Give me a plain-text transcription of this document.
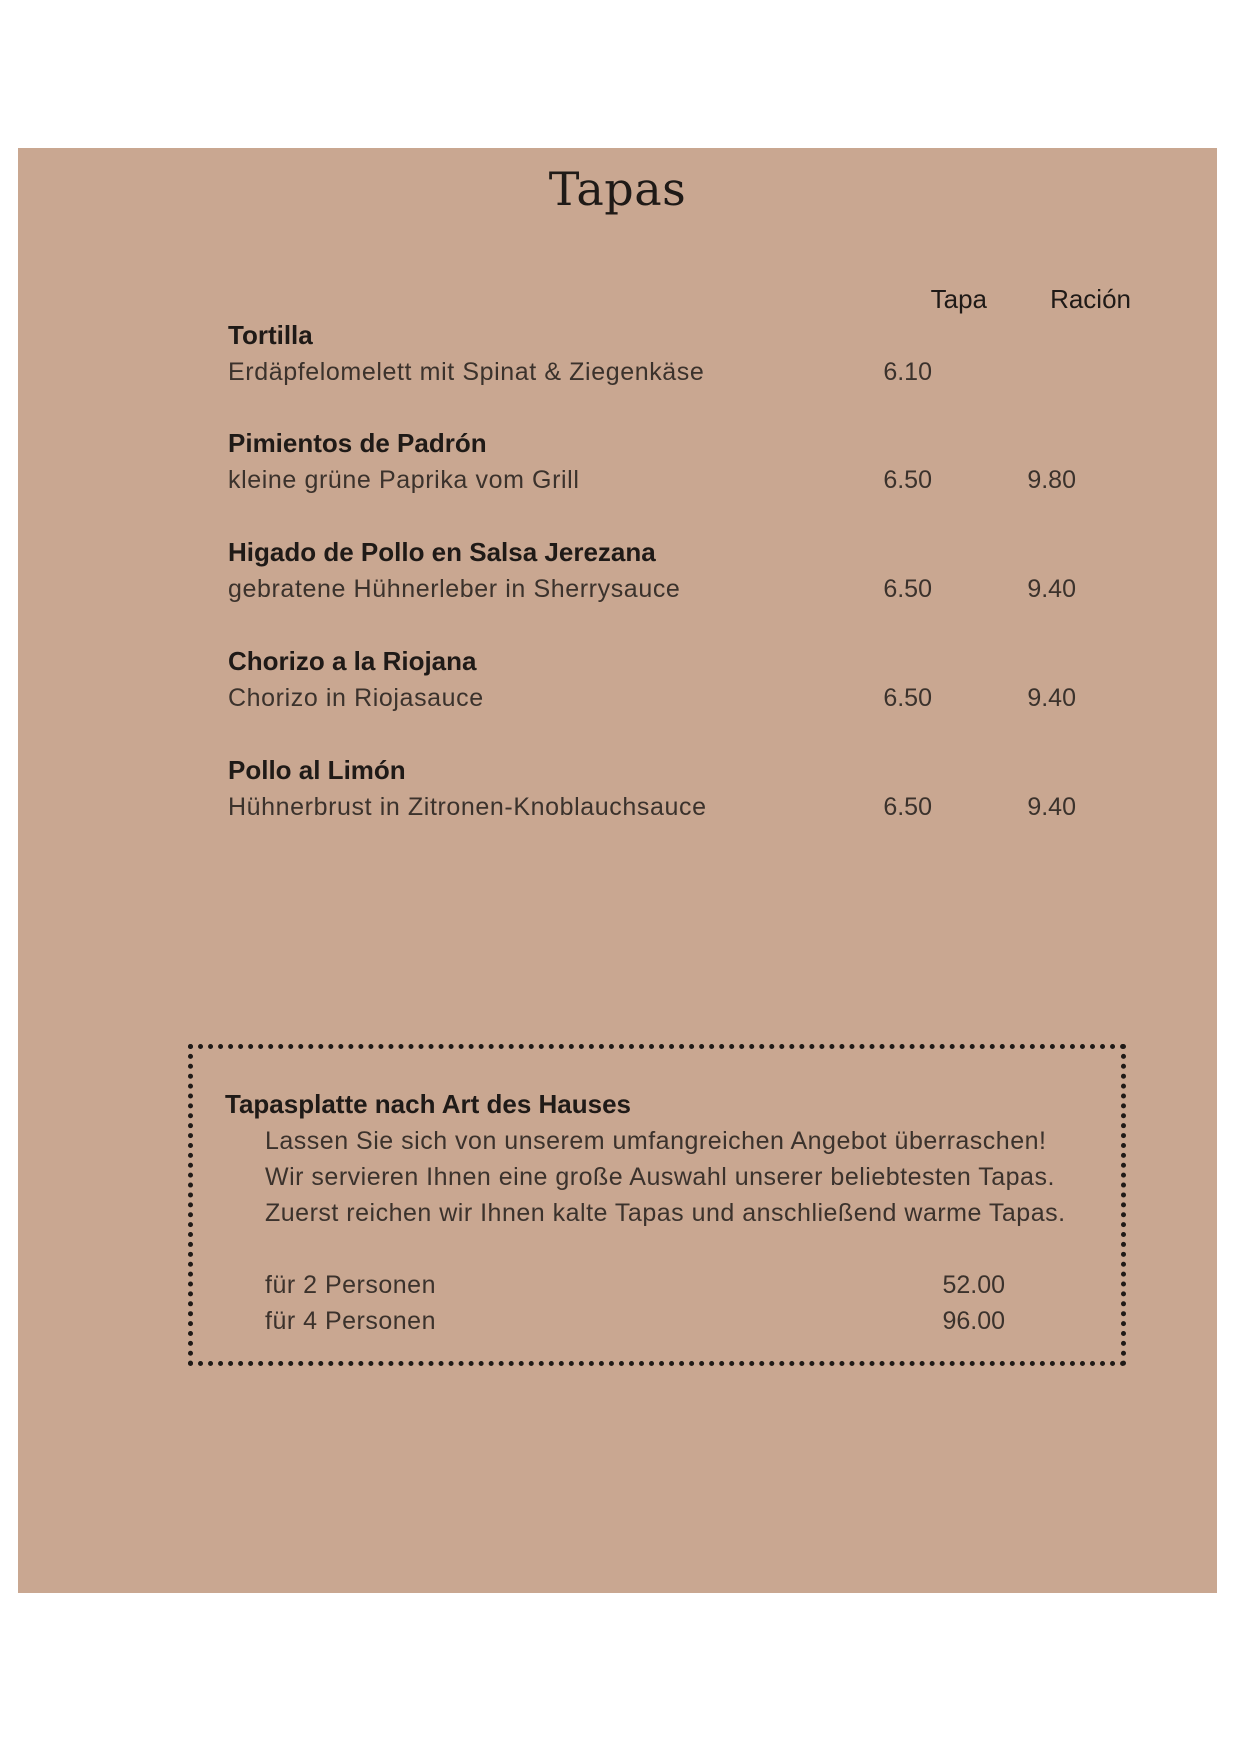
Tapas
Tapa Ración
Tortilla
Erdäpfelomelett mit Spinat & Ziegenkäse	6.10
Pimientos de Padrón
kleine grüne Paprika vom Grill	6.50	9.80
Higado de Pollo en Salsa Jerezana
gebratene Hühnerleber in Sherrysauce	6.50	9.40
Chorizo a la Riojana
Chorizo in Riojasauce	6.50	9.40
Pollo al Limón
Hühnerbrust in Zitronen-Knoblauchsauce	6.50	9.40
Tapasplatte nach Art des Hauses
Lassen Sie sich von unserem umfangreichen Angebot überraschen!
Wir servieren Ihnen eine große Auswahl unserer beliebtesten Tapas.
Zuerst reichen wir Ihnen kalte Tapas und anschließend warme Tapas.
für 2 Personen	52.00
für 4 Personen	96.00
